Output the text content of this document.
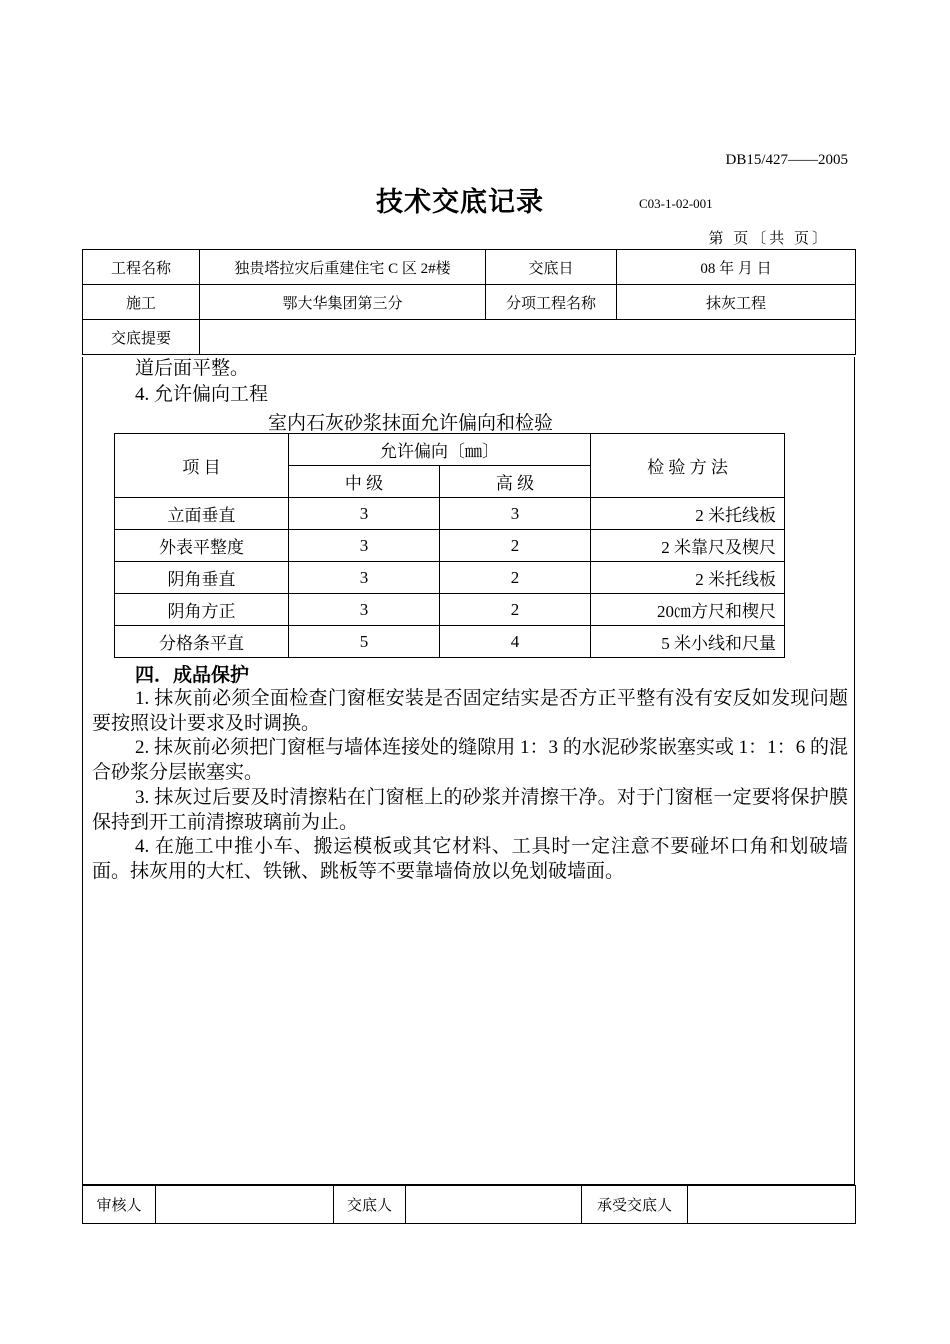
DB15/427——2005
技术交底记录	C03-1-02-001
第 页〔共 页〕
工程名称	独贵塔拉灾后重建住宅 C 区 2#楼	交底日	08 年 月 日
施工	鄂大华集团第三分	分项工程名称	抹灰工程
交底提要			
道后面平整。
4. 允许偏向工程
室内石灰砂浆抹面允许偏向和检验
项 目	允许偏向〔㎜〕		检 验 方 法
	中 级	高 级	
立面垂直	3	3	2 米托线板
外表平整度	3	2	2 米靠尺及楔尺
阴角垂直	3	2	2 米托线板
阴角方正	3	2	20㎝方尺和楔尺
分格条平直	5	4	5 米小线和尺量
四．成品保护
1. 抹灰前必须全面检查门窗框安装是否固定结实是否方正平整有没有安反如发现问题要按照设计要求及时调换。
2. 抹灰前必须把门窗框与墙体连接处的缝隙用 1：3 的水泥砂浆嵌塞实或 1：1：6 的混合砂浆分层嵌塞实。
3. 抹灰过后要及时清擦粘在门窗框上的砂浆并清擦干净。对于门窗框一定要将保护膜保持到开工前清擦玻璃前为止。
4. 在施工中推小车、搬运模板或其它材料、工具时一定注意不要碰坏口角和划破墙面。抹灰用的大杠、铁锹、跳板等不要靠墙倚放以免划破墙面。
审核人		交底人		承受交底人	
